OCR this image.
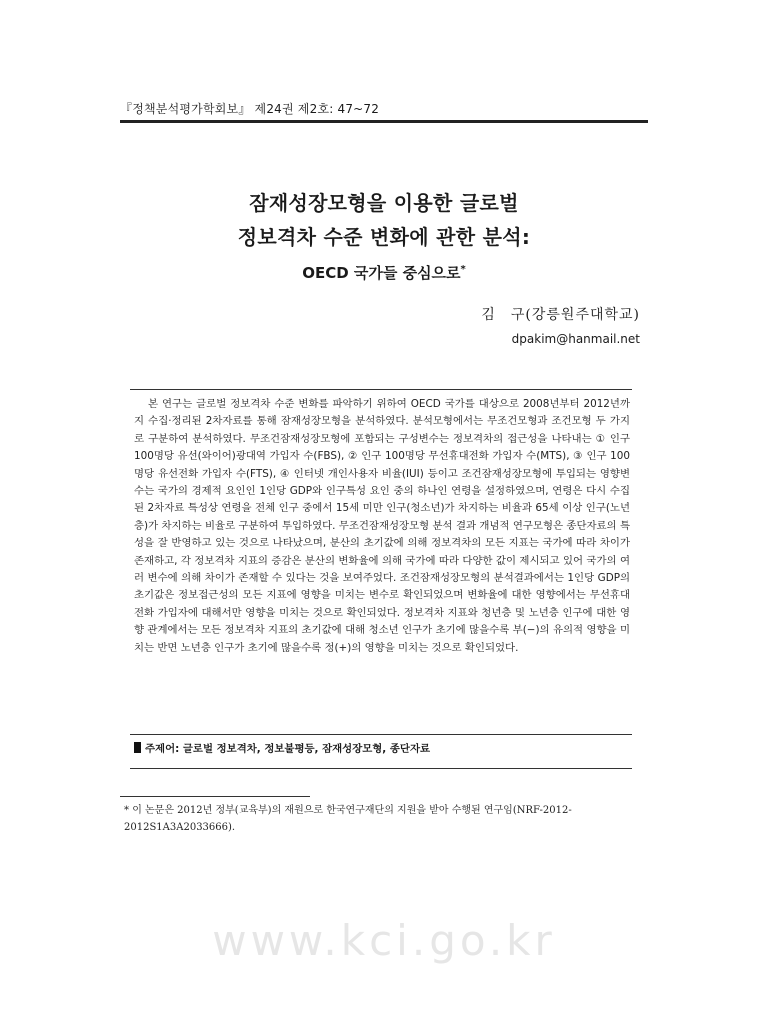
『정책분석평가학회보』 제24권 제2호: 47~72
잠재성장모형을 이용한 글로벌
정보격차 수준 변화에 관한 분석:
OECD 국가들 중심으로*
김　구(강릉원주대학교)
dpakim@hanmail.net
본 연구는 글로벌 정보격차 수준 변화를 파악하기 위하여 OECD 국가를 대상으로 2008년부터 2012년까지 수집·정리된 2차자료를 통해 잠재성장모형을 분석하였다. 분석모형에서는 무조건모형과 조건모형 두 가지로 구분하여 분석하였다. 무조건잠재성장모형에 포함되는 구성변수는 정보격차의 접근성을 나타내는 ① 인구 100명당 유선(와이어)광대역 가입자 수(FBS), ② 인구 100명당 무선휴대전화 가입자 수(MTS), ③ 인구 100명당 유선전화 가입자 수(FTS), ④ 인터넷 개인사용자 비율(IUI) 등이고 조건잠재성장모형에 투입되는 영향변수는 국가의 경제적 요인인 1인당 GDP와 인구특성 요인 중의 하나인 연령을 설정하였으며, 연령은 다시 수집된 2차자료 특성상 연령을 전체 인구 중에서 15세 미만 인구(청소년)가 차지하는 비율과 65세 이상 인구(노년층)가 차지하는 비율로 구분하여 투입하였다. 무조건잠재성장모형 분석 결과 개념적 연구모형은 종단자료의 특성을 잘 반영하고 있는 것으로 나타났으며, 분산의 초기값에 의해 정보격차의 모든 지표는 국가에 따라 차이가 존재하고, 각 정보격차 지표의 증감은 분산의 변화율에 의해 국가에 따라 다양한 값이 제시되고 있어 국가의 여러 변수에 의해 차이가 존재할 수 있다는 것을 보여주었다. 조건잠재성장모형의 분석결과에서는 1인당 GDP의 초기값은 정보접근성의 모든 지표에 영향을 미치는 변수로 확인되었으며 변화율에 대한 영향에서는 무선휴대전화 가입자에 대해서만 영향을 미치는 것으로 확인되었다. 정보격차 지표와 청년층 및 노년층 인구에 대한 영향 관계에서는 모든 정보격차 지표의 초기값에 대해 청소년 인구가 초기에 많을수록 부(−)의 유의적 영향을 미치는 반면 노년층 인구가 초기에 많을수록 정(+)의 영향을 미치는 것으로 확인되었다.
주제어: 글로벌 정보격차, 정보불평등, 잠재성장모형, 종단자료
* 이 논문은 2012년 정부(교육부)의 재원으로 한국연구재단의 지원을 받아 수행된 연구임(NRF-2012-2012S1A3A2033666).
www.kci.go.kr
